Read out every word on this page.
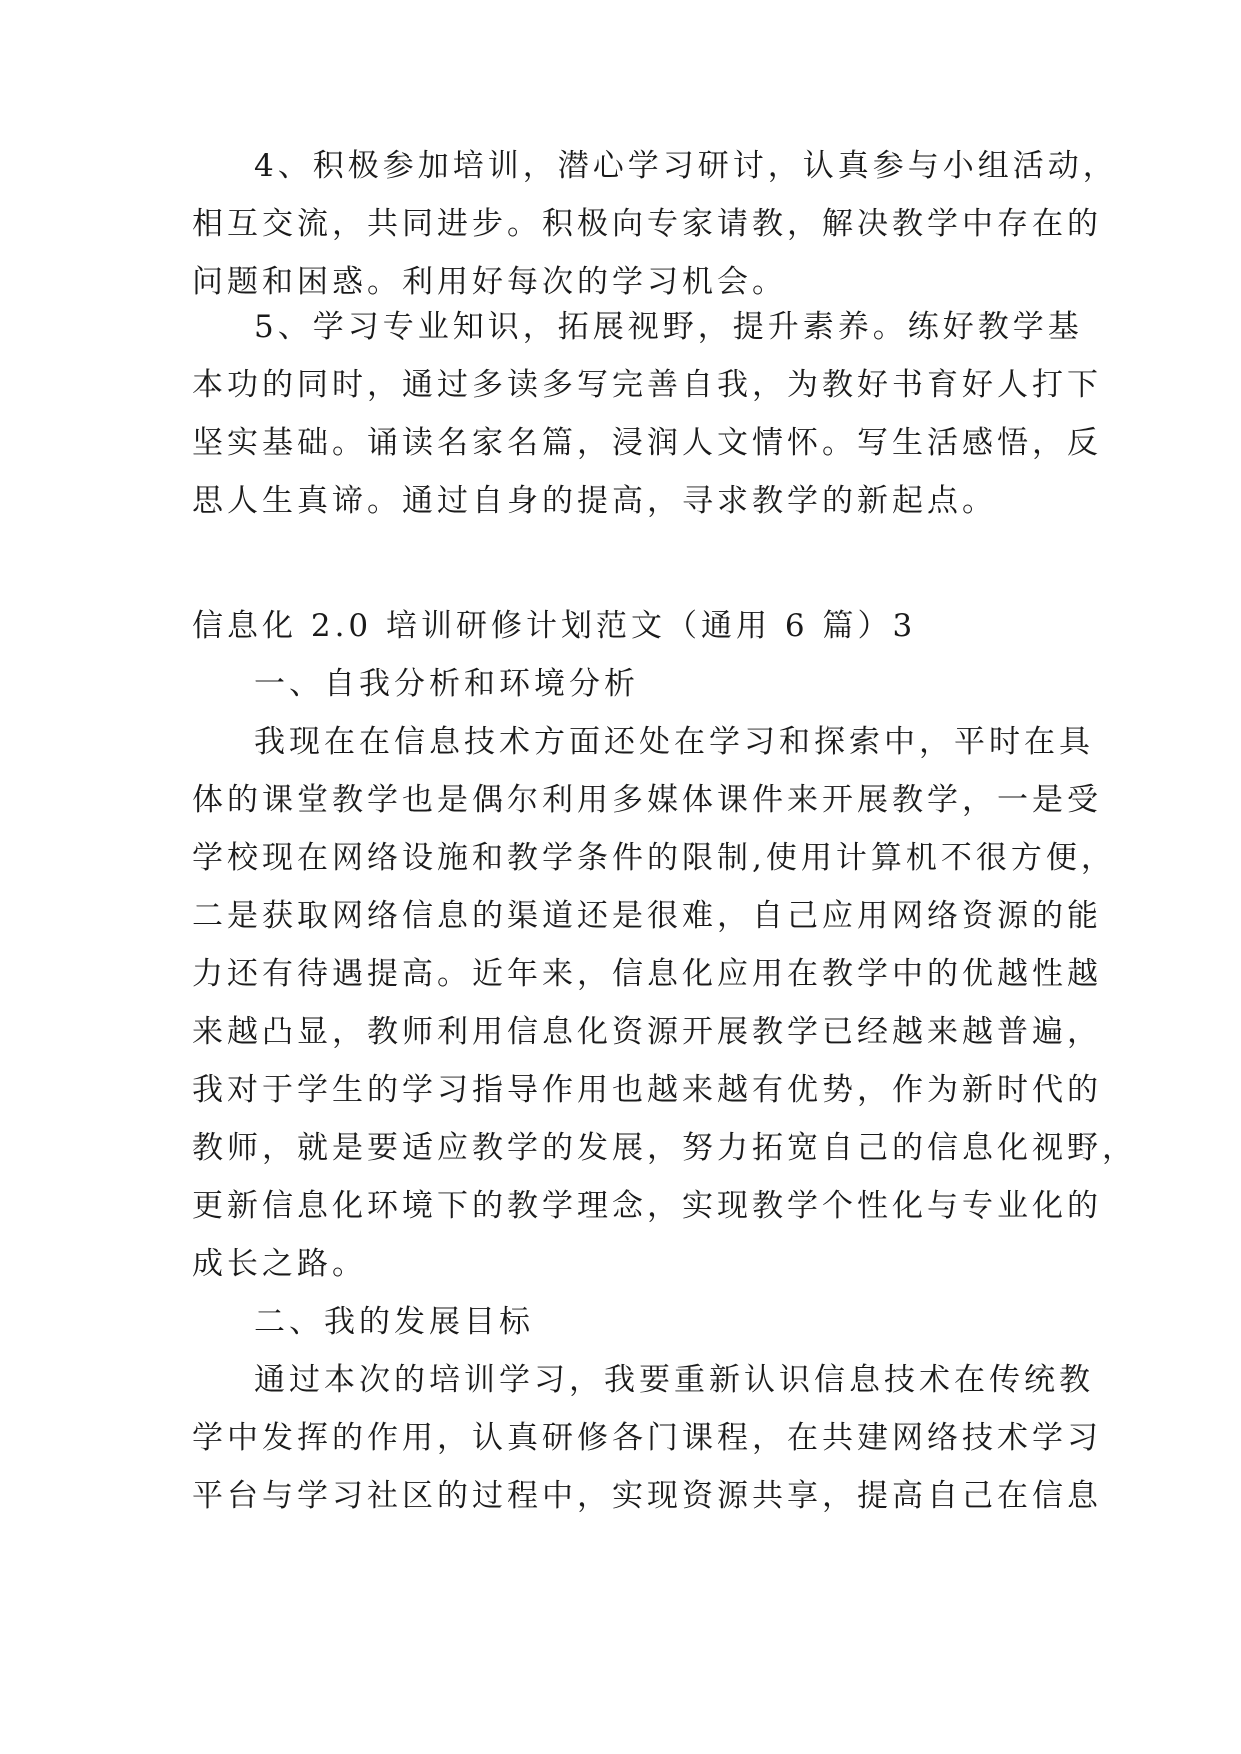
4、积极参加培训，潜心学习研讨，认真参与小组活动，
相互交流，共同进步。积极向专家请教，解决教学中存在的
问题和困惑。利用好每次的学习机会。
5、学习专业知识，拓展视野，提升素养。练好教学基
本功的同时，通过多读多写完善自我，为教好书育好人打下
坚实基础。诵读名家名篇，浸润人文情怀。写生活感悟，反
思人生真谛。通过自身的提高，寻求教学的新起点。
信息化 2.0 培训研修计划范文（通用 6 篇）3
一、自我分析和环境分析
我现在在信息技术方面还处在学习和探索中，平时在具
体的课堂教学也是偶尔利用多媒体课件来开展教学，一是受
学校现在网络设施和教学条件的限制,使用计算机不很方便，
二是获取网络信息的渠道还是很难，自己应用网络资源的能
力还有待遇提高。近年来，信息化应用在教学中的优越性越
来越凸显，教师利用信息化资源开展教学已经越来越普遍，
我对于学生的学习指导作用也越来越有优势，作为新时代的
教师，就是要适应教学的发展，努力拓宽自己的信息化视野，
更新信息化环境下的教学理念，实现教学个性化与专业化的
成长之路。
二、我的发展目标
通过本次的培训学习，我要重新认识信息技术在传统教
学中发挥的作用，认真研修各门课程，在共建网络技术学习
平台与学习社区的过程中，实现资源共享，提高自己在信息
